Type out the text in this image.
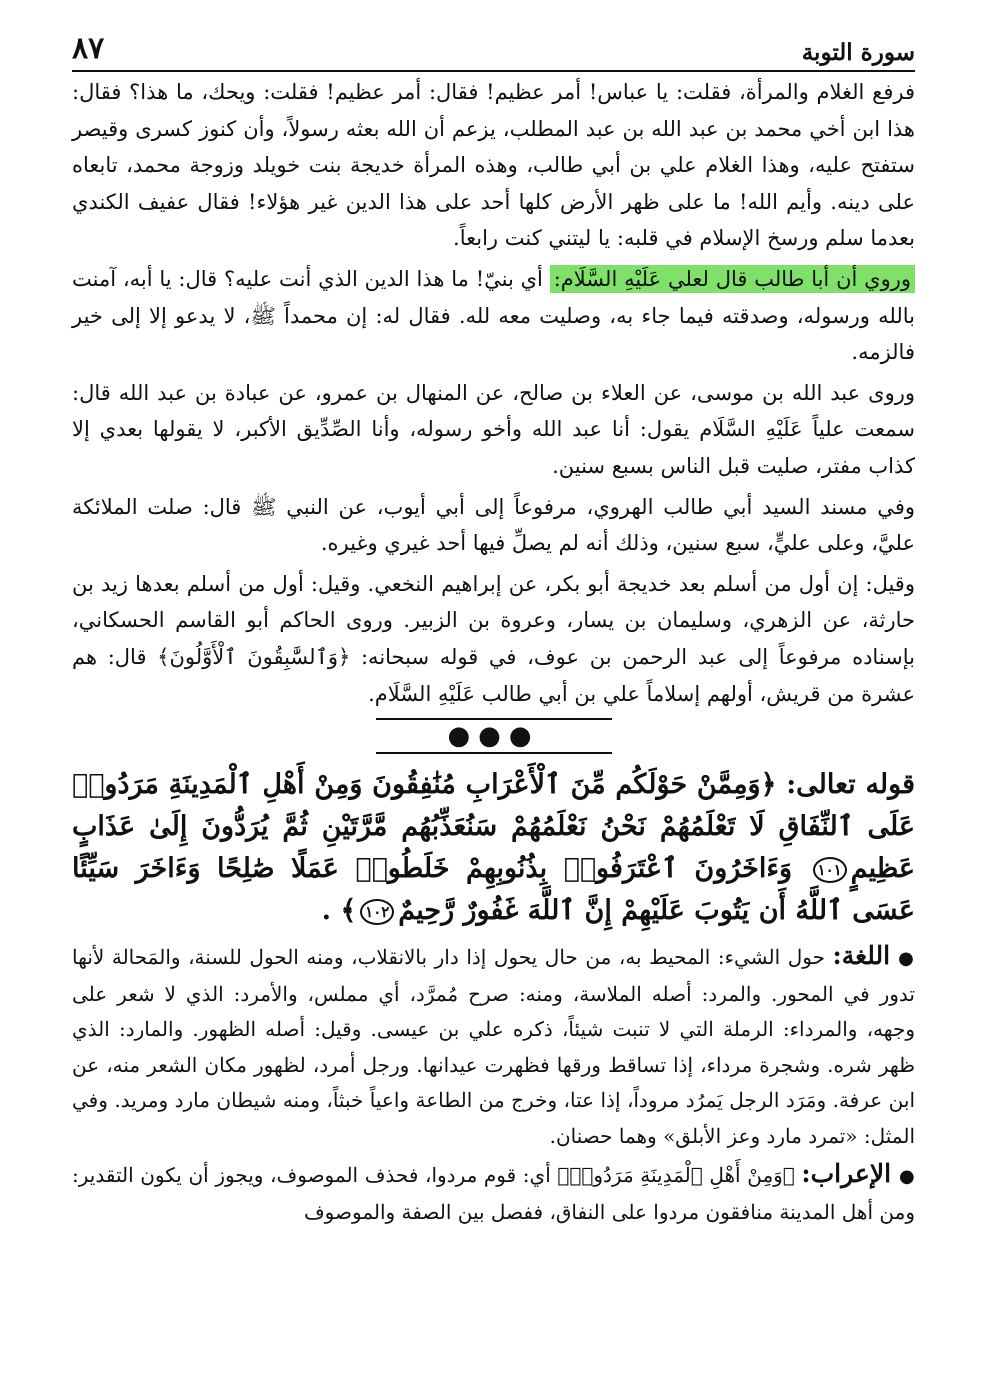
سورة التوبة
٨٧

فرفع الغلام والمرأة، فقلت: يا عباس! أمر عظيم! فقال: أمر عظيم! فقلت: ويحك، ما هذا؟ فقال: هذا ابن أخي محمد بن عبد الله بن عبد المطلب، يزعم أن الله بعثه رسولاً، وأن كنوز كسرى وقيصر ستفتح عليه، وهذا الغلام علي بن أبي طالب، وهذه المرأة خديجة بنت خويلد وزوجة محمد، تابعاه على دينه. وأيم الله! ما على ظهر الأرض كلها أحد على هذا الدين غير هؤلاء! فقال عفيف الكندي بعدما سلم ورسخ الإسلام في قلبه: يا ليتني كنت رابعاً.

وروي أن أبا طالب قال لعلي عَلَيْهِ السَّلَام: أي بنيّ! ما هذا الدين الذي أنت عليه؟ قال: يا أبه، آمنت بالله ورسوله، وصدقته فيما جاء به، وصليت معه لله. فقال له: إن محمداً ﷺ، لا يدعو إلا إلى خير فالزمه.

وروى عبد الله بن موسى، عن العلاء بن صالح، عن المنهال بن عمرو، عن عبادة بن عبد الله قال: سمعت علياً عَلَيْهِ السَّلَام يقول: أنا عبد الله وأخو رسوله، وأنا الصِّدِّيق الأكبر، لا يقولها بعدي إلا كذاب مفتر، صليت قبل الناس بسبع سنين.

وفي مسند السيد أبي طالب الهروي، مرفوعاً إلى أبي أيوب، عن النبي ﷺ قال: صلت الملائكة عليَّ، وعلى عليٍّ، سبع سنين، وذلك أنه لم يصلِّ فيها أحد غيري وغيره.

وقيل: إن أول من أسلم بعد خديجة أبو بكر، عن إبراهيم النخعي. وقيل: أول من أسلم بعدها زيد بن حارثة، عن الزهري، وسليمان بن يسار، وعروة بن الزبير. وروى الحاكم أبو القاسم الحسكاني، بإسناده مرفوعاً إلى عبد الرحمن بن عوف، في قوله سبحانه: ﴿وَٱلسَّٰبِقُونَ ٱلْأَوَّلُونَ﴾ قال: هم عشرة من قريش، أولهم إسلاماً علي بن أبي طالب عَلَيْهِ السَّلَام.

●●●

قوله تعالى: ﴿وَمِمَّنْ حَوْلَكُم مِّنَ ٱلْأَعْرَابِ مُنَٰفِقُونَ وَمِنْ أَهْلِ ٱلْمَدِينَةِ مَرَدُوا۟ عَلَى ٱلنِّفَاقِ لَا تَعْلَمُهُمْ نَحْنُ نَعْلَمُهُمْ سَنُعَذِّبُهُم مَّرَّتَيْنِ ثُمَّ يُرَدُّونَ إِلَىٰ عَذَابٍ عَظِيمٍ١٠١ وَءَاخَرُونَ ٱعْتَرَفُوا۟ بِذُنُوبِهِمْ خَلَطُوا۟ عَمَلًا صَٰلِحًا وَءَاخَرَ سَيِّئًا عَسَى ٱللَّهُ أَن يَتُوبَ عَلَيْهِمْ إِنَّ ٱللَّهَ غَفُورٌ رَّحِيمٌ١٠٢﴾ .

●اللغة: حول الشيء: المحيط به، من حال يحول إذا دار بالانقلاب، ومنه الحول للسنة، والمَحالة لأنها تدور في المحور. والمرد: أصله الملاسة، ومنه: صرح مُمرَّد، أي مملس، والأمرد: الذي لا شعر على وجهه، والمرداء: الرملة التي لا تنبت شيئاً، ذكره علي بن عيسى. وقيل: أصله الظهور. والمارد: الذي ظهر شره. وشجرة مرداء، إذا تساقط ورقها فظهرت عيدانها. ورجل أمرد، لظهور مكان الشعر منه، عن ابن عرفة. ومَرَد الرجل يَمرُد مروداً، إذا عتا، وخرج من الطاعة واعياً خبثاً، ومنه شيطان مارد ومريد. وفي المثل: «تمرد مارد وعز الأبلق» وهما حصنان.

●الإعراب: ﴿وَمِنْ أَهْلِ ٱلْمَدِينَةِ مَرَدُوا۟﴾ أي: قوم مردوا، فحذف الموصوف، ويجوز أن يكون التقدير: ومن أهل المدينة منافقون مردوا على النفاق، ففصل بين الصفة والموصوف
